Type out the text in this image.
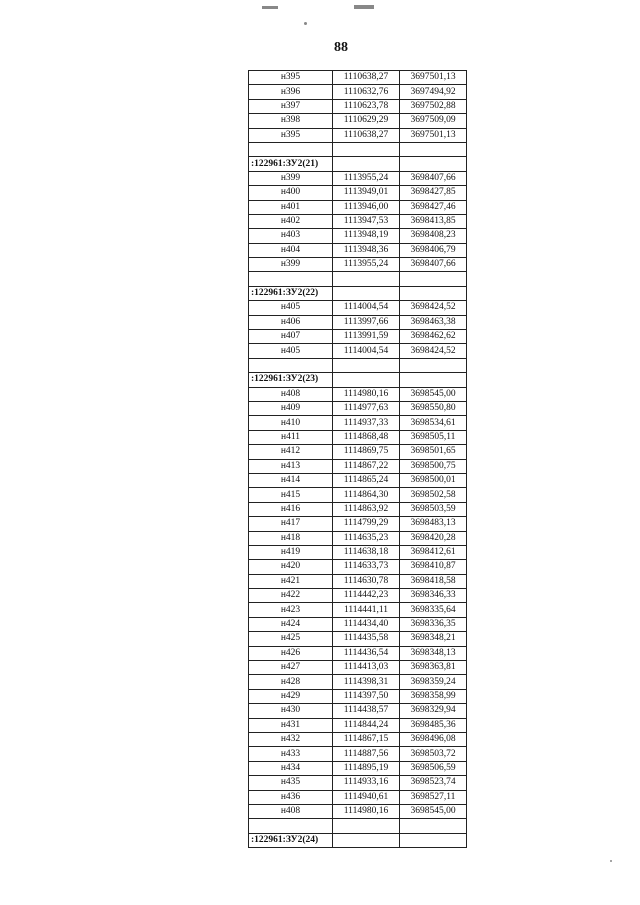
88
н395	1110638,27	3697501,13
н396	1110632,76	3697494,92
н397	1110623,78	3697502,88
н398	1110629,29	3697509,09
н395	1110638,27	3697501,13

:122961:ЗУ2(21)		
н399	1113955,24	3698407,66
н400	1113949,01	3698427,85
н401	1113946,00	3698427,46
н402	1113947,53	3698413,85
н403	1113948,19	3698408,23
н404	1113948,36	3698406,79
н399	1113955,24	3698407,66

:122961:ЗУ2(22)		
н405	1114004,54	3698424,52
н406	1113997,66	3698463,38
н407	1113991,59	3698462,62
н405	1114004,54	3698424,52

:122961:ЗУ2(23)		
н408	1114980,16	3698545,00
н409	1114977,63	3698550,80
н410	1114937,33	3698534,61
н411	1114868,48	3698505,11
н412	1114869,75	3698501,65
н413	1114867,22	3698500,75
н414	1114865,24	3698500,01
н415	1114864,30	3698502,58
н416	1114863,92	3698503,59
н417	1114799,29	3698483,13
н418	1114635,23	3698420,28
н419	1114638,18	3698412,61
н420	1114633,73	3698410,87
н421	1114630,78	3698418,58
н422	1114442,23	3698346,33
н423	1114441,11	3698335,64
н424	1114434,40	3698336,35
н425	1114435,58	3698348,21
н426	1114436,54	3698348,13
н427	1114413,03	3698363,81
н428	1114398,31	3698359,24
н429	1114397,50	3698358,99
н430	1114438,57	3698329,94
н431	1114844,24	3698485,36
н432	1114867,15	3698496,08
н433	1114887,56	3698503,72
н434	1114895,19	3698506,59
н435	1114933,16	3698523,74
н436	1114940,61	3698527,11
н408	1114980,16	3698545,00

:122961:ЗУ2(24)		
